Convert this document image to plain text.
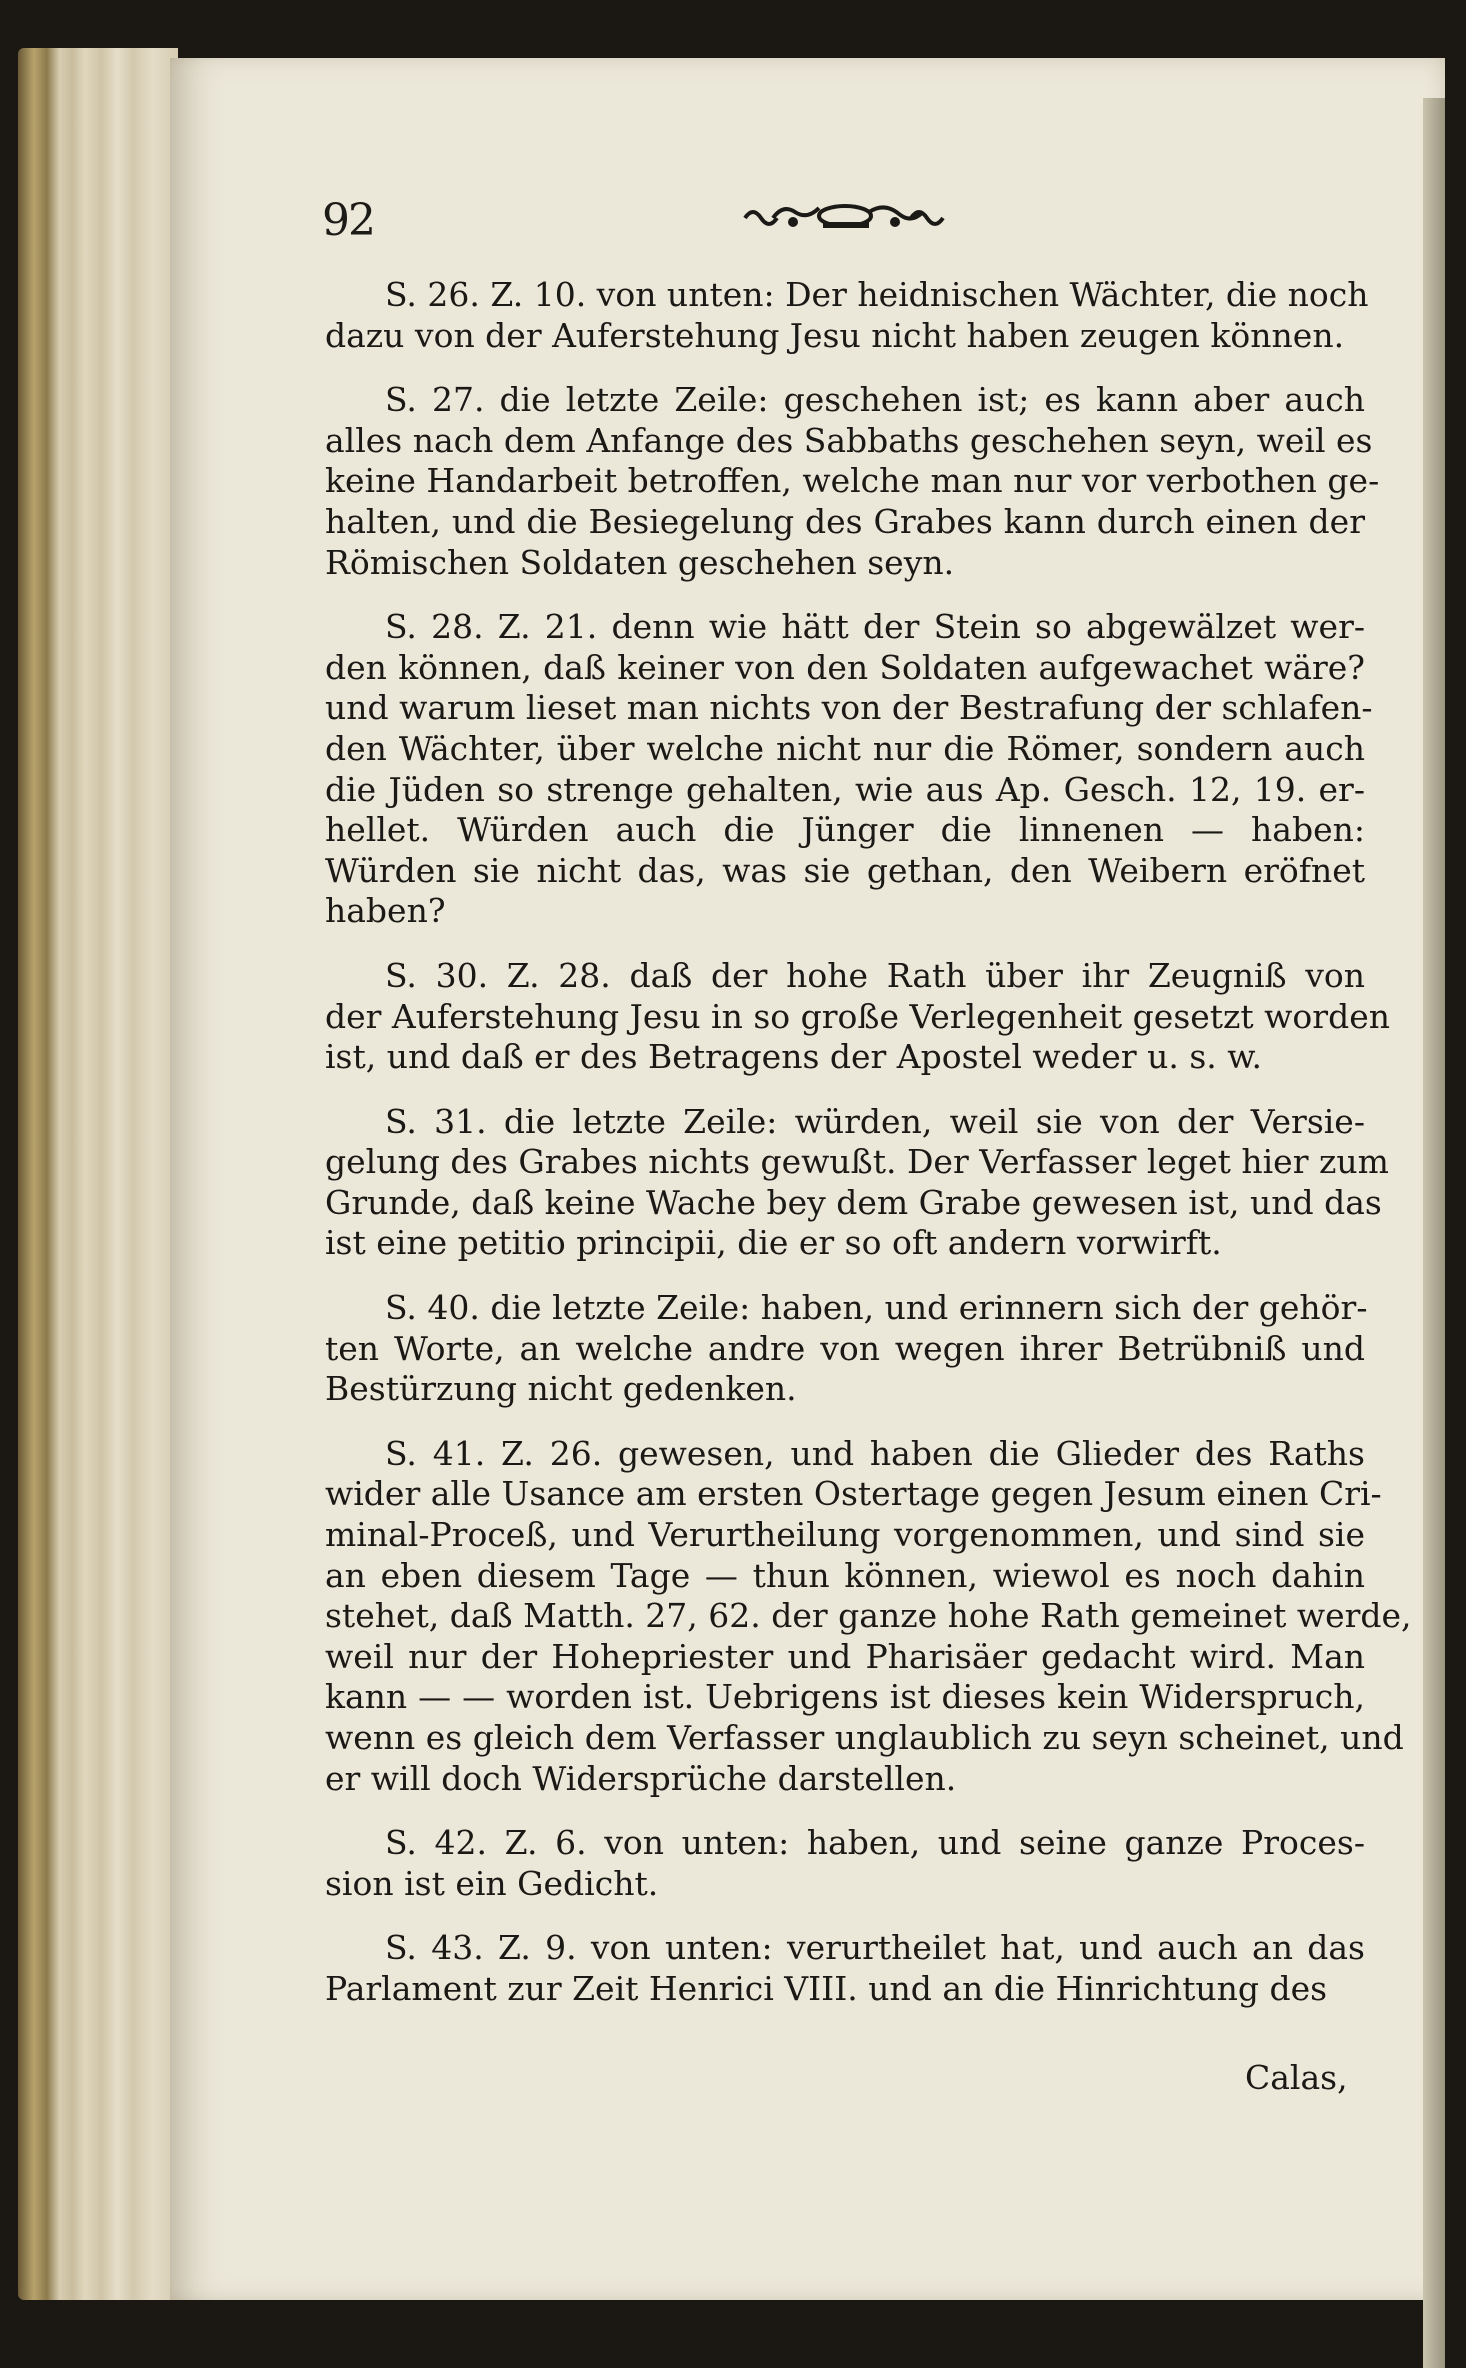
92
S. 26. Z. 10. von unten: Der heidnischen Wächter, die noch
dazu von der Auferstehung Jesu nicht haben zeugen können.
S. 27. die letzte Zeile: geschehen ist; es kann aber auch
alles nach dem Anfange des Sabbaths geschehen seyn, weil es
keine Handarbeit betroffen, welche man nur vor verbothen ge-
halten, und die Besiegelung des Grabes kann durch einen der
Römischen Soldaten geschehen seyn.
S. 28. Z. 21. denn wie hätt der Stein so abgewälzet wer-
den können, daß keiner von den Soldaten aufgewachet wäre?
und warum lieset man nichts von der Bestrafung der schlafen-
den Wächter, über welche nicht nur die Römer, sondern auch
die Jüden so strenge gehalten, wie aus Ap. Gesch. 12, 19. er-
hellet. Würden auch die Jünger die linnenen — haben:
Würden sie nicht das, was sie gethan, den Weibern eröfnet
haben?
S. 30. Z. 28. daß der hohe Rath über ihr Zeugniß von
der Auferstehung Jesu in so große Verlegenheit gesetzt worden
ist, und daß er des Betragens der Apostel weder u. s. w.
S. 31. die letzte Zeile: würden, weil sie von der Versie-
gelung des Grabes nichts gewußt. Der Verfasser leget hier zum
Grunde, daß keine Wache bey dem Grabe gewesen ist, und das
ist eine petitio principii, die er so oft andern vorwirft.
S. 40. die letzte Zeile: haben, und erinnern sich der gehör-
ten Worte, an welche andre von wegen ihrer Betrübniß und
Bestürzung nicht gedenken.
S. 41. Z. 26. gewesen, und haben die Glieder des Raths
wider alle Usance am ersten Ostertage gegen Jesum einen Cri-
minal-Proceß, und Verurtheilung vorgenommen, und sind sie
an eben diesem Tage — thun können, wiewol es noch dahin
stehet, daß Matth. 27, 62. der ganze hohe Rath gemeinet werde,
weil nur der Hohepriester und Pharisäer gedacht wird. Man
kann — — worden ist. Uebrigens ist dieses kein Widerspruch,
wenn es gleich dem Verfasser unglaublich zu seyn scheinet, und
er will doch Widersprüche darstellen.
S. 42. Z. 6. von unten: haben, und seine ganze Proces-
sion ist ein Gedicht.
S. 43. Z. 9. von unten: verurtheilet hat, und auch an das
Parlament zur Zeit Henrici VIII. und an die Hinrichtung des
Calas,
